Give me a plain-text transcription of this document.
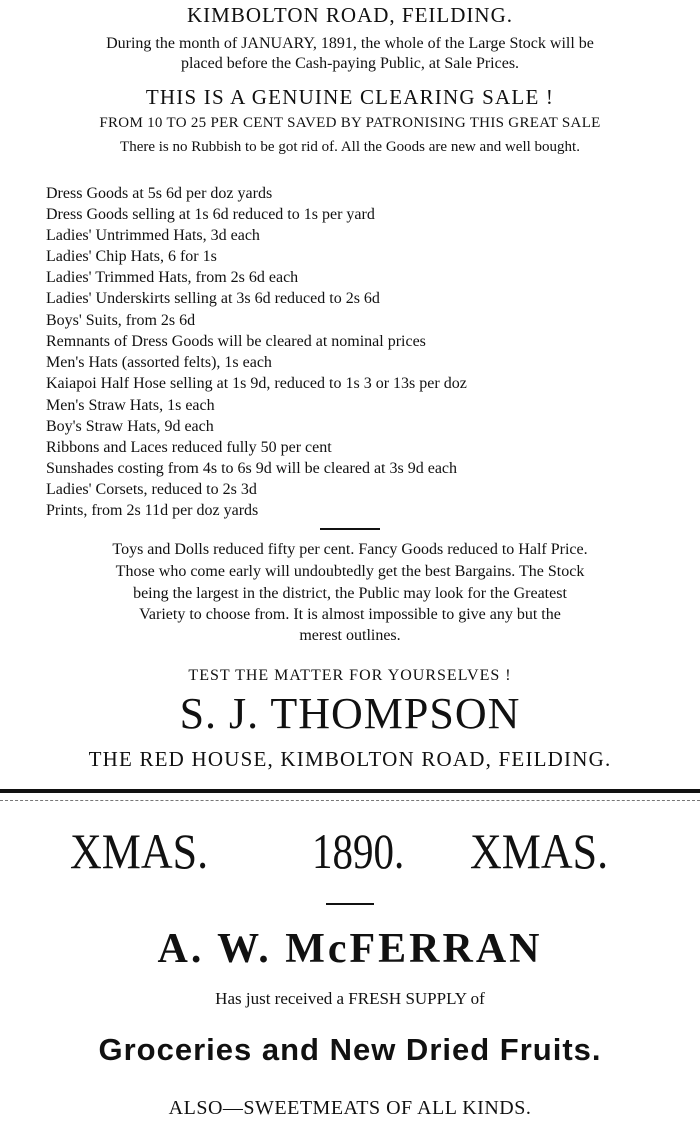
KIMBOLTON ROAD, FEILDING.
During the month of JANUARY, 1891, the whole of the Large Stock will be
placed before the Cash-paying Public, at Sale Prices.
THIS IS A GENUINE CLEARING SALE !
FROM 10 TO 25 PER CENT SAVED BY PATRONISING THIS GREAT SALE
There is no Rubbish to be got rid of. All the Goods are new and well bought.
Dress Goods at 5s 6d per doz yards
Dress Goods selling at 1s 6d reduced to 1s per yard
Ladies' Untrimmed Hats, 3d each
Ladies' Chip Hats, 6 for 1s
Ladies' Trimmed Hats, from 2s 6d each
Ladies' Underskirts selling at 3s 6d reduced to 2s 6d
Boys' Suits, from 2s 6d
Remnants of Dress Goods will be cleared at nominal prices
Men's Hats (assorted felts), 1s each
Kaiapoi Half Hose selling at 1s 9d, reduced to 1s 3 or 13s per doz
Men's Straw Hats, 1s each
Boy's Straw Hats, 9d each
Ribbons and Laces reduced fully 50 per cent
Sunshades costing from 4s to 6s 9d will be cleared at 3s 9d each
Ladies' Corsets, reduced to 2s 3d
Prints, from 2s 11d per doz yards
Toys and Dolls reduced fifty per cent. Fancy Goods reduced to Half Price.
Those who come early will undoubtedly get the best Bargains. The Stock
being the largest in the district, the Public may look for the Greatest
Variety to choose from. It is almost impossible to give any but the
merest outlines.
TEST THE MATTER FOR YOURSELVES !
S. J. THOMPSON
THE RED HOUSE, KIMBOLTON ROAD, FEILDING.
XMAS.	1890. XMAS.
A. W. McFERRAN
Has just received a FRESH SUPPLY of
Groceries and New Dried Fruits.
ALSO—SWEETMEATS OF ALL KINDS.
